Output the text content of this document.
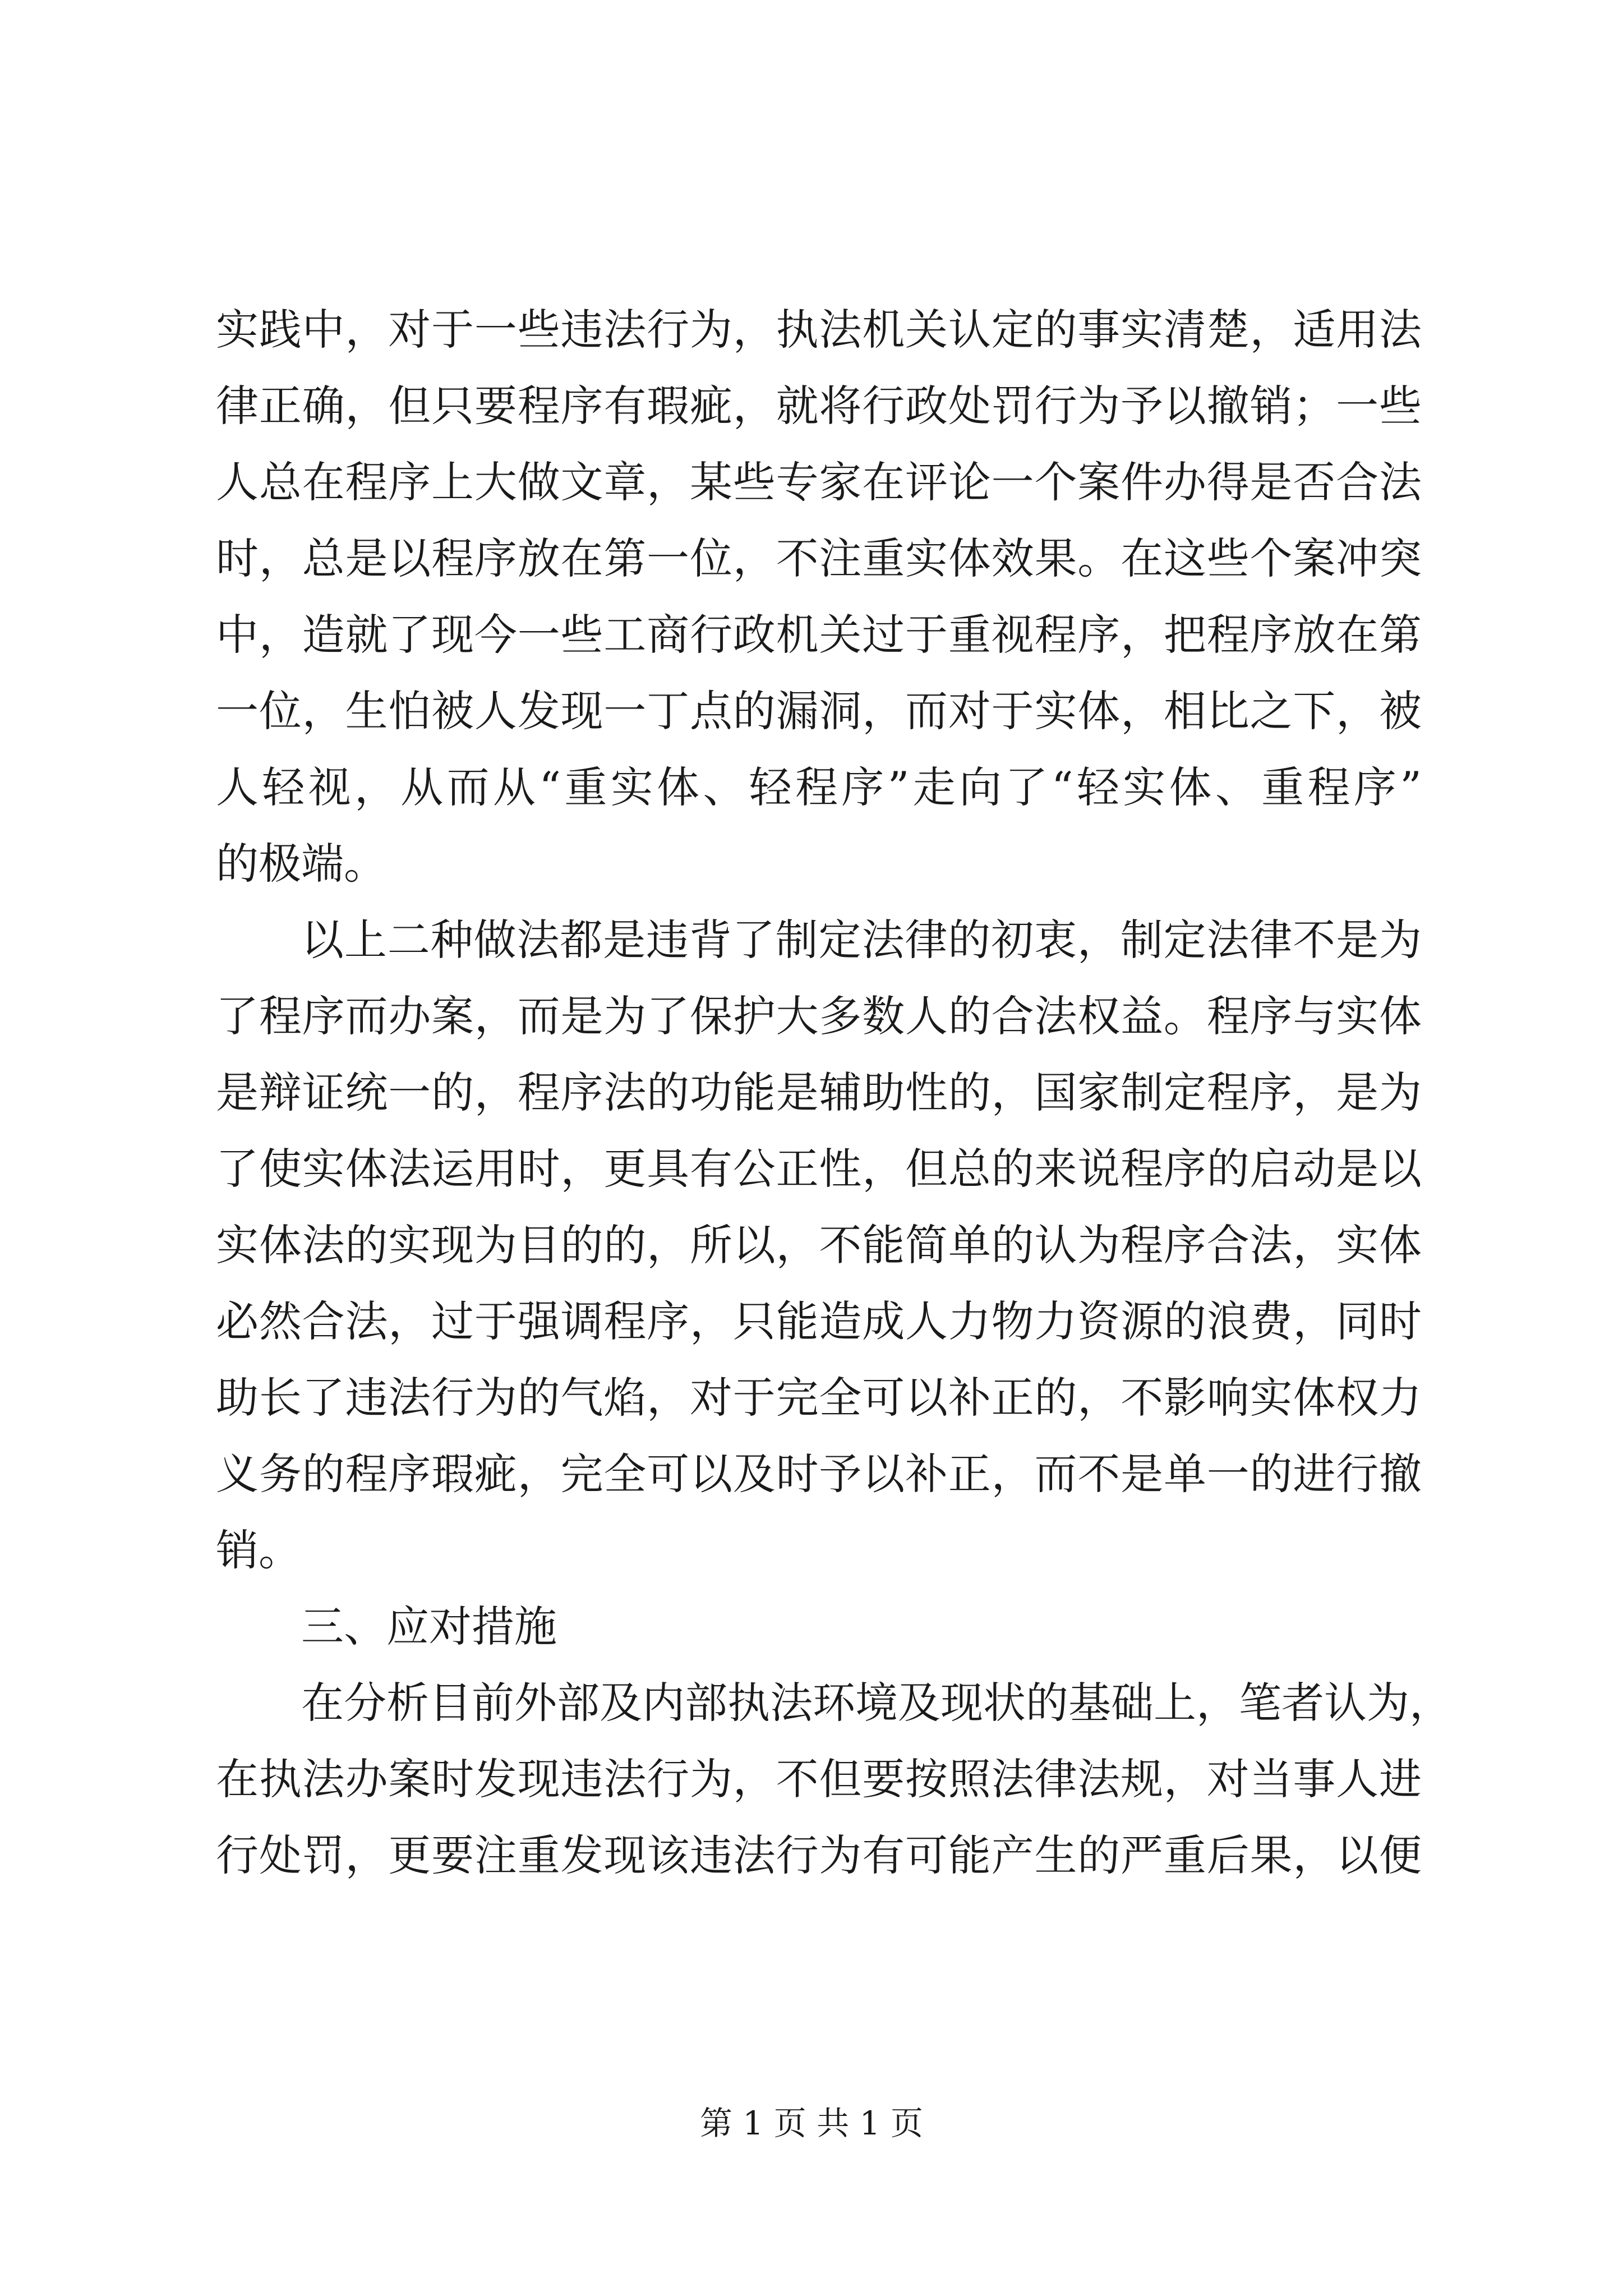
实践中，对于一些违法行为，执法机关认定的事实清楚，适用法
律正确，但只要程序有瑕疵，就将行政处罚行为予以撤销；一些
人总在程序上大做文章，某些专家在评论一个案件办得是否合法
时，总是以程序放在第一位，不注重实体效果。在这些个案冲突
中，造就了现今一些工商行政机关过于重视程序，把程序放在第
一位，生怕被人发现一丁点的漏洞，而对于实体，相比之下，被
人轻视，从而从“重实体、轻程序”走向了“轻实体、重程序”
的极端。
以上二种做法都是违背了制定法律的初衷，制定法律不是为
了程序而办案，而是为了保护大多数人的合法权益。程序与实体
是辩证统一的，程序法的功能是辅助性的，国家制定程序，是为
了使实体法运用时，更具有公正性，但总的来说程序的启动是以
实体法的实现为目的的，所以，不能简单的认为程序合法，实体
必然合法，过于强调程序，只能造成人力物力资源的浪费，同时
助长了违法行为的气焰，对于完全可以补正的，不影响实体权力
义务的程序瑕疵，完全可以及时予以补正，而不是单一的进行撤
销。
三、应对措施
在分析目前外部及内部执法环境及现状的基础上，笔者认为，
在执法办案时发现违法行为，不但要按照法律法规，对当事人进
行处罚，更要注重发现该违法行为有可能产生的严重后果，以便
第 1 页 共 1 页
